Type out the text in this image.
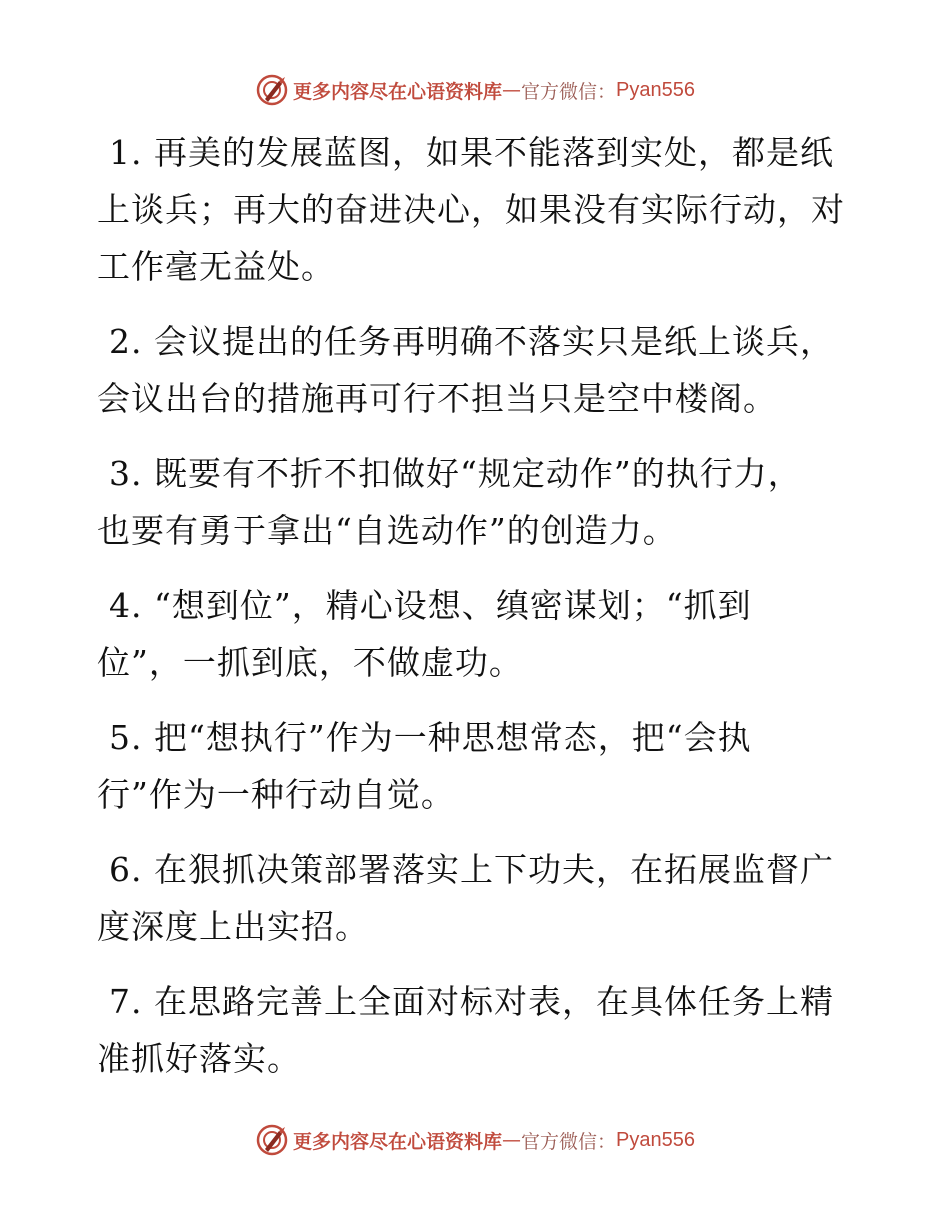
更多内容尽在心语资料库 — 官方微信： Pyan556
1. 再美的发展蓝图，如果不能落到实处，都是纸
上谈兵；再大的奋进决心，如果没有实际行动，对
工作毫无益处。
2. 会议提出的任务再明确不落实只是纸上谈兵，
会议出台的措施再可行不担当只是空中楼阁。
3. 既要有不折不扣做好“规定动作”的执行力，
也要有勇于拿出“自选动作”的创造力。
4. “想到位”，精心设想、缜密谋划；“抓到
位”，一抓到底，不做虚功。
5. 把“想执行”作为一种思想常态，把“会执
行”作为一种行动自觉。
6. 在狠抓决策部署落实上下功夫，在拓展监督广
度深度上出实招。
7. 在思路完善上全面对标对表，在具体任务上精
准抓好落实。
更多内容尽在心语资料库 — 官方微信： Pyan556
